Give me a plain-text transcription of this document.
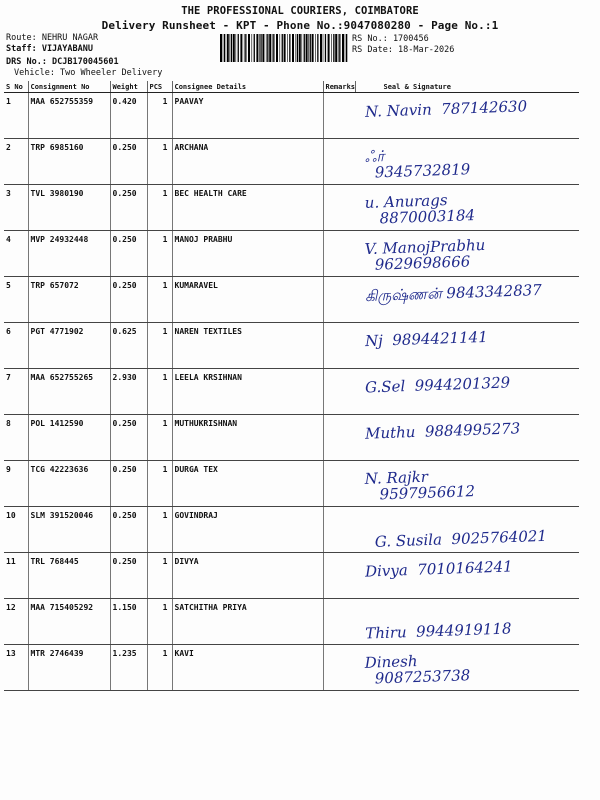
THE PROFESSIONAL COURIERS, COIMBATORE
Delivery Runsheet - KPT - Phone No.:9047080280 - Page No.:1
Route: NEHRU NAGAR
Staff: VIJAYABANU
DRS No.: DCJB170045601
Vehicle: Two Wheeler Delivery
RS No.: 1700456
RS Date: 18-Mar-2026
S No	Consignment No	Weight	PCS	Consignee Details	Remarks	Seal & Signature
1	MAA 652755359	0.420	1	PAAVAY		N. Navin  787142630

2	TRP 6985160	0.250	1	ARCHANA		ஃர்
9345732819

3	TVL 3980190	0.250	1	BEC HEALTH CARE		u. Anurags
8870003184

4	MVP 24932448	0.250	1	MANOJ PRABHU		V. ManojPrabhu
9629698666

5	TRP 657072	0.250	1	KUMARAVEL		கிருஷ்ணன் 9843342837

6	PGT 4771902	0.625	1	NAREN TEXTILES		Nj  9894421141

7	MAA 652755265	2.930	1	LEELA KRSIHNAN		G.Sel  9944201329

8	POL 1412590	0.250	1	MUTHUKRISHNAN		Muthu  9884995273

9	TCG 42223636	0.250	1	DURGA TEX		N. Rajkr
9597956612

10	SLM 391520046	0.250	1	GOVINDRAJ		
G. Susila  9025764021

11	TRL 768445	0.250	1	DIVYA		Divya  7010164241

12	MAA 715405292	1.150	1	SATCHITHA PRIYA		
Thiru  9944919118

13	MTR 2746439	1.235	1	KAVI		Dinesh
9087253738
